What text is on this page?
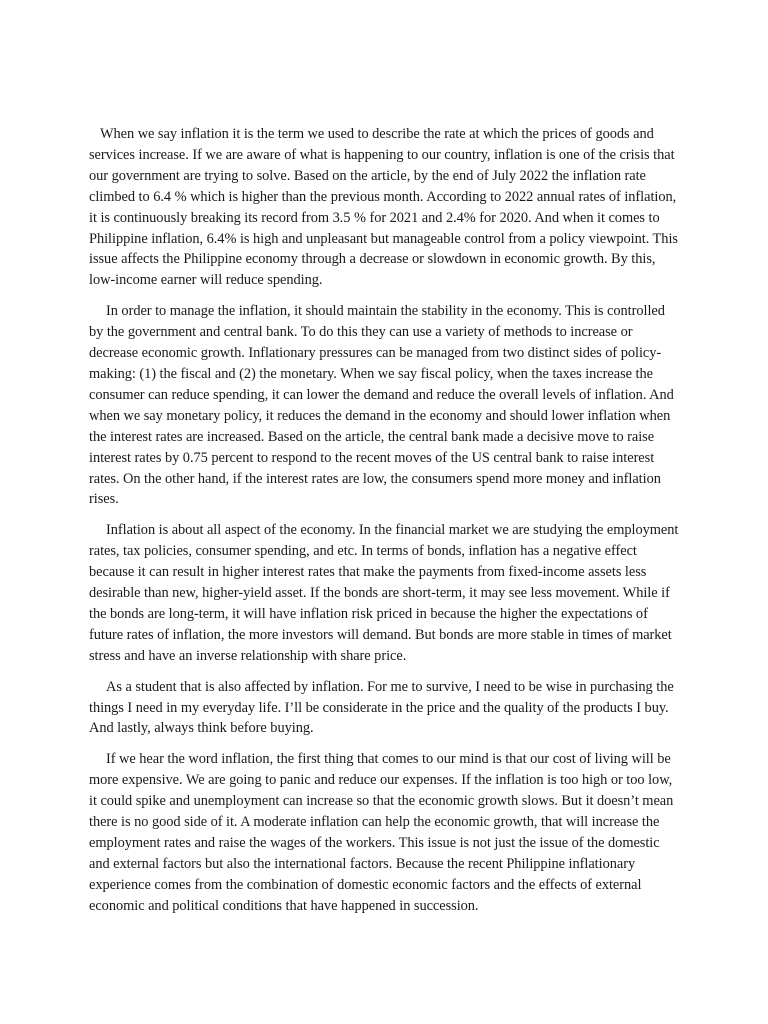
When we say inflation it is the term we used to describe the rate at which the prices of goods and services increase. If we are aware of what is happening to our country, inflation is one of the crisis that our government are trying to solve. Based on the article, by the end of July 2022 the inflation rate climbed to 6.4 % which is higher than the previous month. According to 2022 annual rates of inflation, it is continuously breaking its record from 3.5 % for 2021 and 2.4% for 2020. And when it comes to Philippine inflation, 6.4% is high and unpleasant but manageable control from a policy viewpoint. This issue affects the Philippine economy through a decrease or slowdown in economic growth. By this, low-income earner will reduce spending.

In order to manage the inflation, it should maintain the stability in the economy. This is controlled by the government and central bank. To do this they can use a variety of methods to increase or decrease economic growth. Inflationary pressures can be managed from two distinct sides of policy-making: (1) the fiscal and (2) the monetary. When we say fiscal policy, when the taxes increase the consumer can reduce spending, it can lower the demand and reduce the overall levels of inflation. And when we say monetary policy, it reduces the demand in the economy and should lower inflation when the interest rates are increased. Based on the article, the central bank made a decisive move to raise interest rates by 0.75 percent to respond to the recent moves of the US central bank to raise interest rates. On the other hand, if the interest rates are low, the consumers spend more money and inflation rises.

Inflation is about all aspect of the economy. In the financial market we are studying the employment rates, tax policies, consumer spending, and etc. In terms of bonds, inflation has a negative effect because it can result in higher interest rates that make the payments from fixed-income assets less desirable than new, higher-yield asset. If the bonds are short-term, it may see less movement. While if the bonds are long-term, it will have inflation risk priced in because the higher the expectations of future rates of inflation, the more investors will demand. But bonds are more stable in times of market stress and have an inverse relationship with share price.

As a student that is also affected by inflation. For me to survive, I need to be wise in purchasing the things I need in my everyday life. I’ll be considerate in the price and the quality of the products I buy. And lastly, always think before buying.

If we hear the word inflation, the first thing that comes to our mind is that our cost of living will be more expensive. We are going to panic and reduce our expenses. If the inflation is too high or too low, it could spike and unemployment can increase so that the economic growth slows. But it doesn’t mean there is no good side of it. A moderate inflation can help the economic growth, that will increase the employment rates and raise the wages of the workers. This issue is not just the issue of the domestic and external factors but also the international factors. Because the recent Philippine inflationary experience comes from the combination of domestic economic factors and the effects of external economic and political conditions that have happened in succession.
